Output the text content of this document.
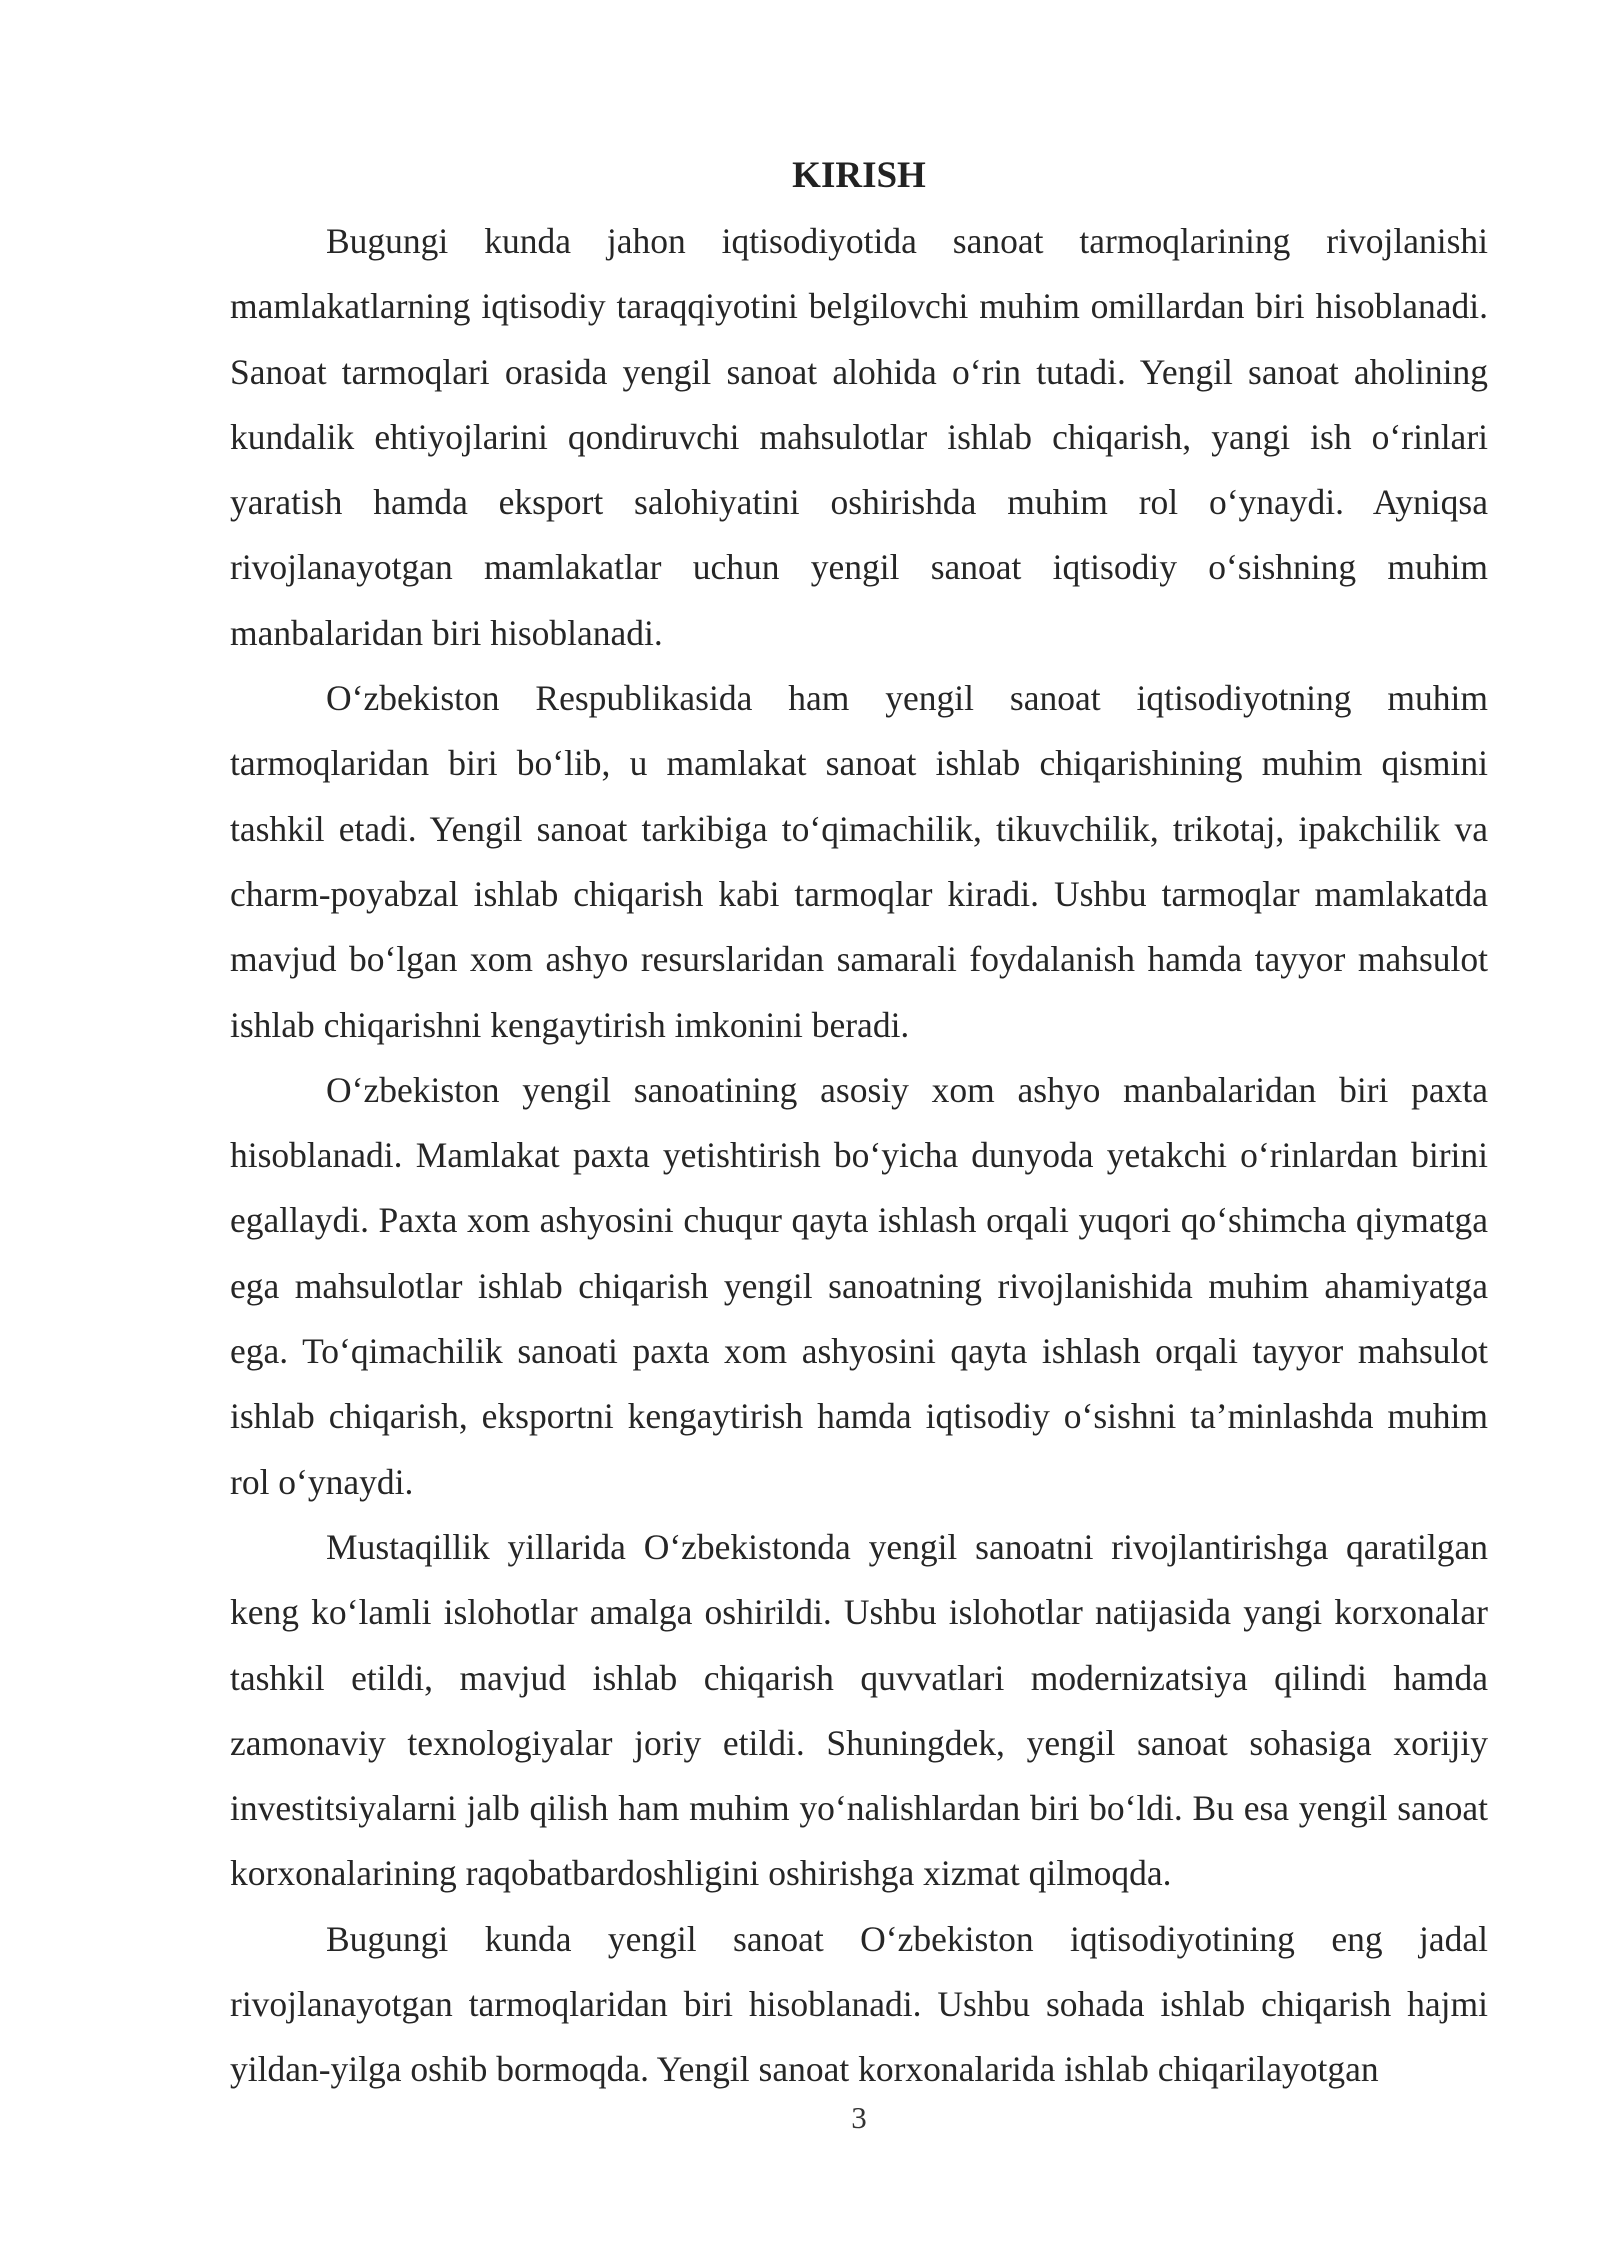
KIRISH

Bugungi kunda jahon iqtisodiyotida sanoat tarmoqlarining rivojlanishi mamlakatlarning iqtisodiy taraqqiyotini belgilovchi muhim omillardan biri hisoblanadi. Sanoat tarmoqlari orasida yengil sanoat alohida o‘rin tutadi. Yengil sanoat aholining kundalik ehtiyojlarini qondiruvchi mahsulotlar ishlab chiqarish, yangi ish o‘rinlari yaratish hamda eksport salohiyatini oshirishda muhim rol o‘ynaydi. Ayniqsa rivojlanayotgan mamlakatlar uchun yengil sanoat iqtisodiy o‘sishning muhim manbalaridan biri hisoblanadi.

O‘zbekiston Respublikasida ham yengil sanoat iqtisodiyotning muhim tarmoqlaridan biri bo‘lib, u mamlakat sanoat ishlab chiqarishining muhim qismini tashkil etadi. Yengil sanoat tarkibiga to‘qimachilik, tikuvchilik, trikotaj, ipakchilik va charm-poyabzal ishlab chiqarish kabi tarmoqlar kiradi. Ushbu tarmoqlar mamlakatda mavjud bo‘lgan xom ashyo resurslaridan samarali foydalanish hamda tayyor mahsulot ishlab chiqarishni kengaytirish imkonini beradi.

O‘zbekiston yengil sanoatining asosiy xom ashyo manbalaridan biri paxta hisoblanadi. Mamlakat paxta yetishtirish bo‘yicha dunyoda yetakchi o‘rinlardan birini egallaydi. Paxta xom ashyosini chuqur qayta ishlash orqali yuqori qo‘shimcha qiymatga ega mahsulotlar ishlab chiqarish yengil sanoatning rivojlanishida muhim ahamiyatga ega. To‘qimachilik sanoati paxta xom ashyosini qayta ishlash orqali tayyor mahsulot ishlab chiqarish, eksportni kengaytirish hamda iqtisodiy o‘sishni ta’minlashda muhim rol o‘ynaydi.

Mustaqillik yillarida O‘zbekistonda yengil sanoatni rivojlantirishga qaratilgan keng ko‘lamli islohotlar amalga oshirildi. Ushbu islohotlar natijasida yangi korxonalar tashkil etildi, mavjud ishlab chiqarish quvvatlari modernizatsiya qilindi hamda zamonaviy texnologiyalar joriy etildi. Shuningdek, yengil sanoat sohasiga xorijiy investitsiyalarni jalb qilish ham muhim yo‘nalishlardan biri bo‘ldi. Bu esa yengil sanoat korxonalarining raqobatbardoshligini oshirishga xizmat qilmoqda.

Bugungi kunda yengil sanoat O‘zbekiston iqtisodiyotining eng jadal rivojlanayotgan tarmoqlaridan biri hisoblanadi. Ushbu sohada ishlab chiqarish hajmi yildan-yilga oshib bormoqda. Yengil sanoat korxonalarida ishlab chiqarilayotgan

3
